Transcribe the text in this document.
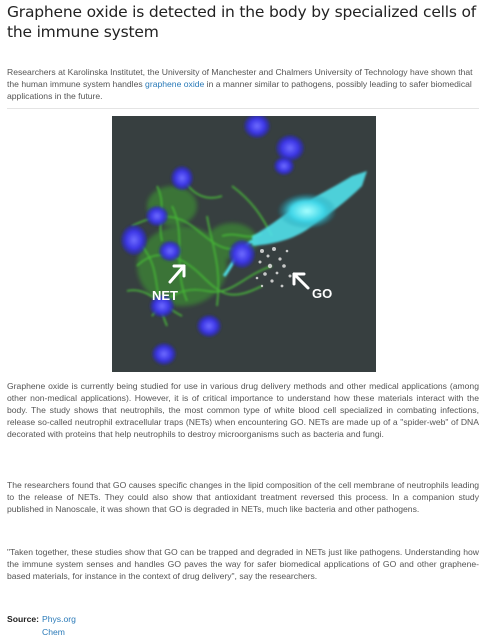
Graphene oxide is detected in the body by specialized cells of the immune system

Researchers at Karolinska Institutet, the University of Manchester and Chalmers University of Technology have shown that the human immune system handles graphene oxide in a manner similar to pathogens, possibly leading to safer biomedical applications in the future.

NET	GO

Graphene oxide is currently being studied for use in various drug delivery methods and other medical applications (among other non-medical applications). However, it is of critical importance to understand how these materials interact with the body. The study shows that neutrophils, the most common type of white blood cell specialized in combating infections, release so-called neutrophil extracellular traps (NETs) when encountering GO. NETs are made up of a "spider-web" of DNA decorated with proteins that help neutrophils to destroy microorganisms such as bacteria and fungi.

The researchers found that GO causes specific changes in the lipid composition of the cell membrane of neutrophils leading to the release of NETs. They could also show that antioxidant treatment reversed this process. In a companion study published in Nanoscale, it was shown that GO is degraded in NETs, much like bacteria and other pathogens.

"Taken together, these studies show that GO can be trapped and degraded in NETs just like pathogens. Understanding how the immune system senses and handles GO paves the way for safer biomedical applications of GO and other graphene-based materials, for instance in the context of drug delivery", say the researchers.

Source: Phys.org
Chem
